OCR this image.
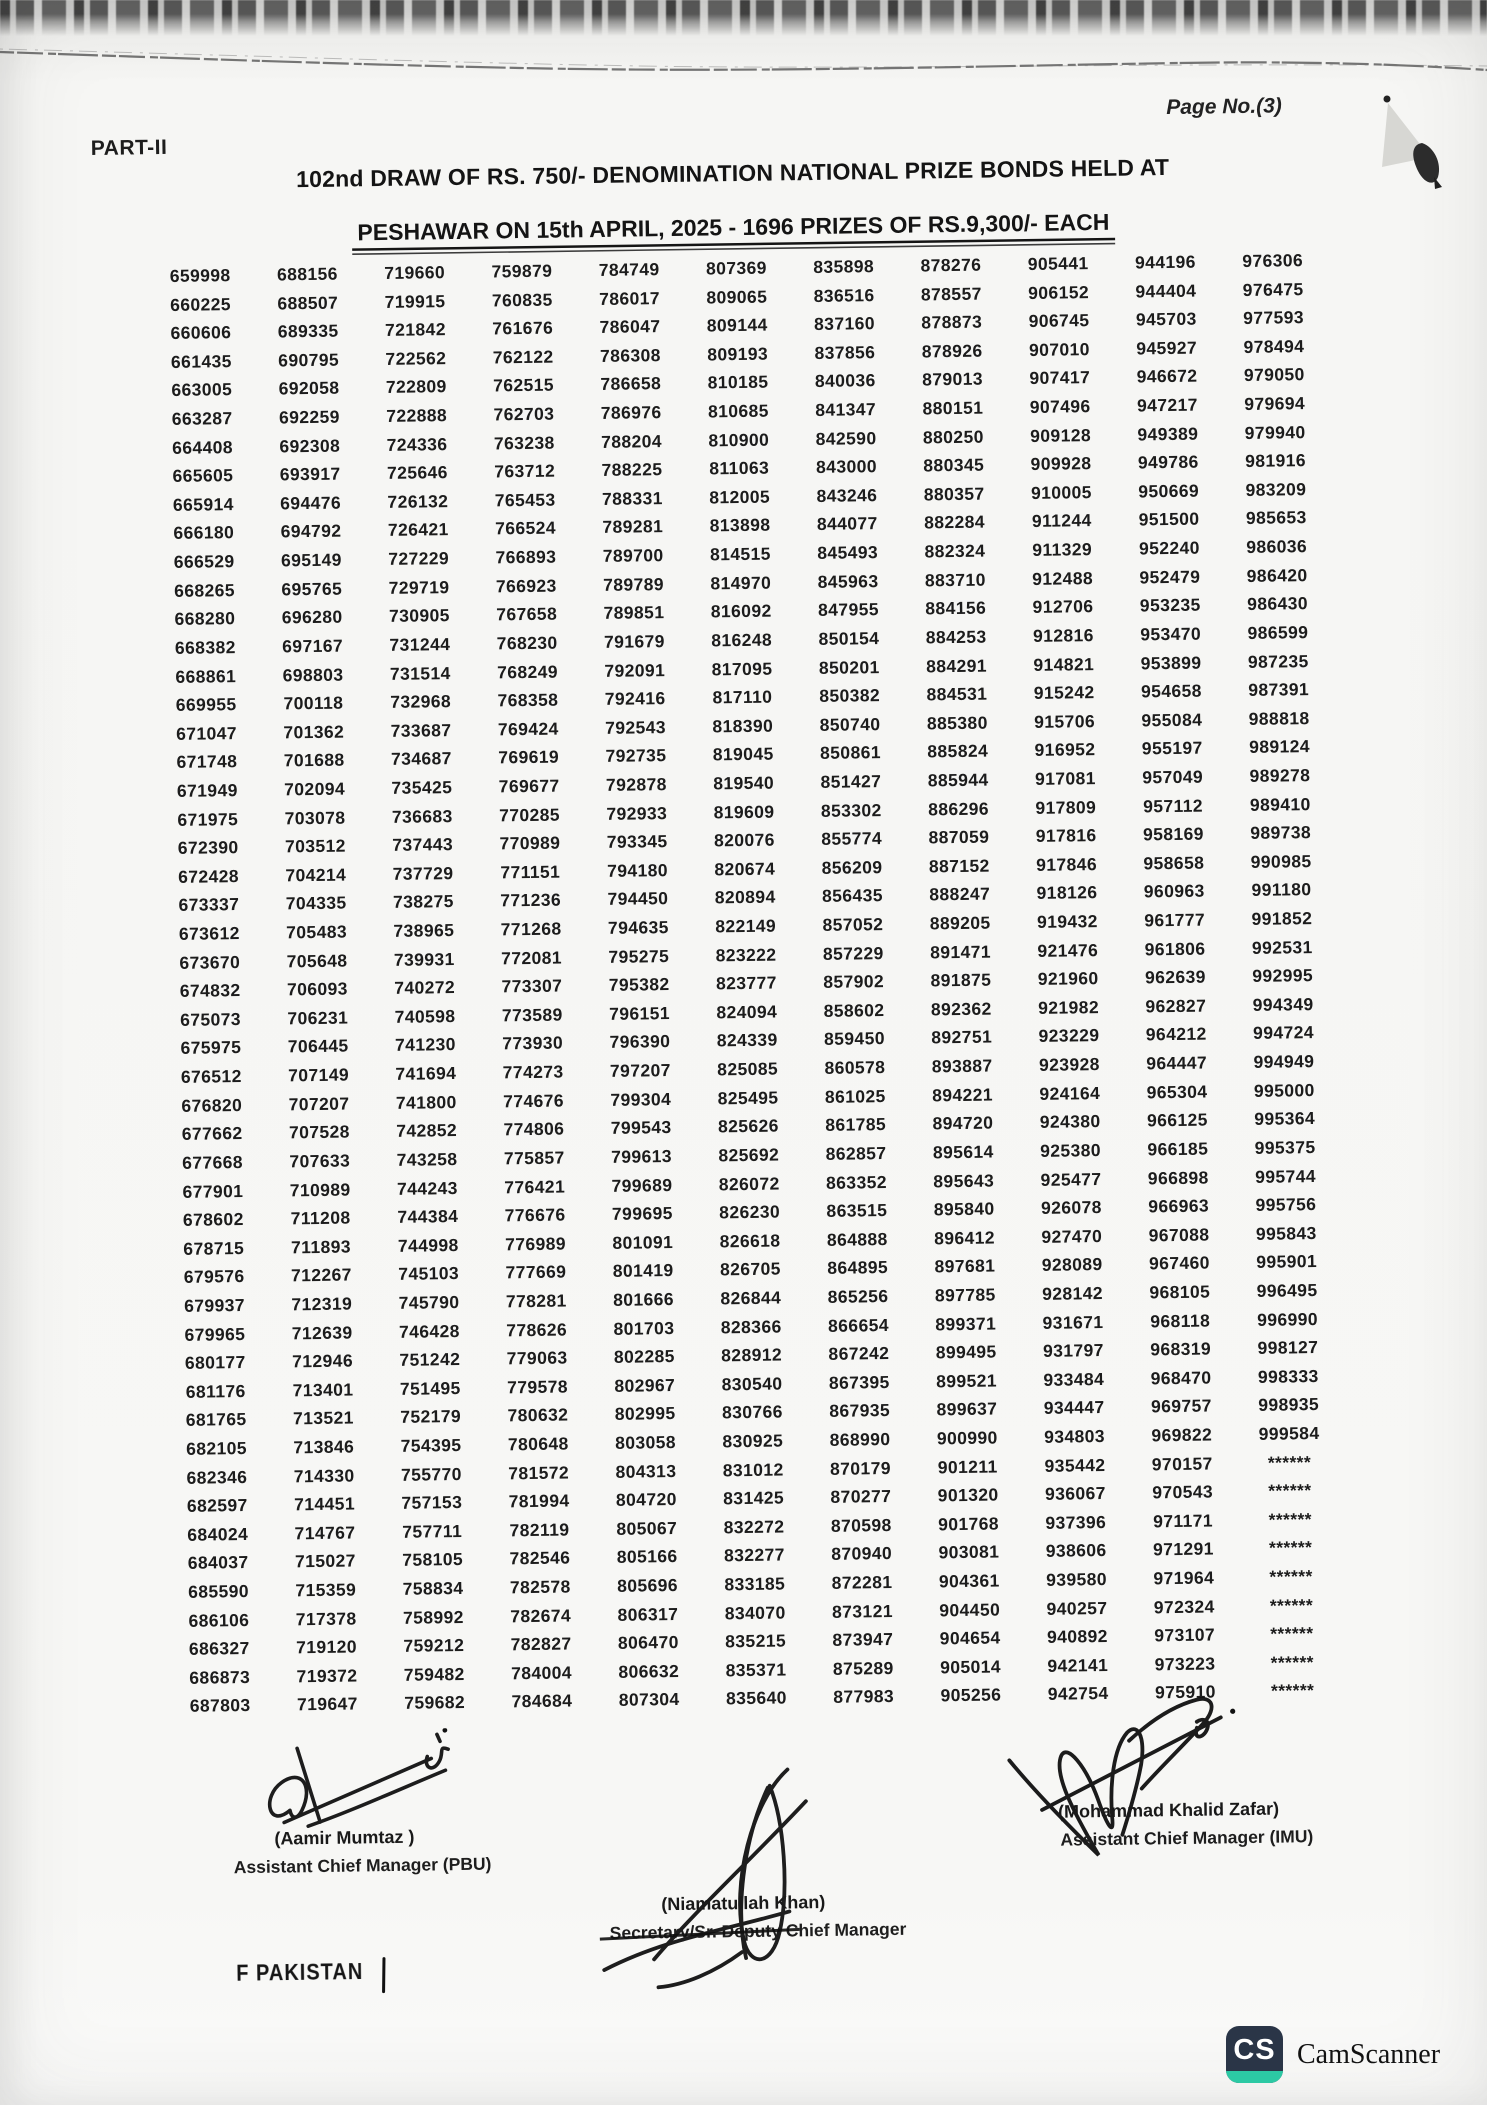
PART-II
Page No.(3)
102nd DRAW OF RS. 750/- DENOMINATION NATIONAL PRIZE BONDS HELD AT

PESHAWAR ON 15th APRIL, 2025 - 1696 PRIZES OF RS.9,300/- EACH
659998	688156	719660	759879	784749	807369	835898	878276	905441	944196	976306
660225	688507	719915	760835	786017	809065	836516	878557	906152	944404	976475
660606	689335	721842	761676	786047	809144	837160	878873	906745	945703	977593
661435	690795	722562	762122	786308	809193	837856	878926	907010	945927	978494
663005	692058	722809	762515	786658	810185	840036	879013	907417	946672	979050
663287	692259	722888	762703	786976	810685	841347	880151	907496	947217	979694
664408	692308	724336	763238	788204	810900	842590	880250	909128	949389	979940
665605	693917	725646	763712	788225	811063	843000	880345	909928	949786	981916
665914	694476	726132	765453	788331	812005	843246	880357	910005	950669	983209
666180	694792	726421	766524	789281	813898	844077	882284	911244	951500	985653
666529	695149	727229	766893	789700	814515	845493	882324	911329	952240	986036
668265	695765	729719	766923	789789	814970	845963	883710	912488	952479	986420
668280	696280	730905	767658	789851	816092	847955	884156	912706	953235	986430
668382	697167	731244	768230	791679	816248	850154	884253	912816	953470	986599
668861	698803	731514	768249	792091	817095	850201	884291	914821	953899	987235
669955	700118	732968	768358	792416	817110	850382	884531	915242	954658	987391
671047	701362	733687	769424	792543	818390	850740	885380	915706	955084	988818
671748	701688	734687	769619	792735	819045	850861	885824	916952	955197	989124
671949	702094	735425	769677	792878	819540	851427	885944	917081	957049	989278
671975	703078	736683	770285	792933	819609	853302	886296	917809	957112	989410
672390	703512	737443	770989	793345	820076	855774	887059	917816	958169	989738
672428	704214	737729	771151	794180	820674	856209	887152	917846	958658	990985
673337	704335	738275	771236	794450	820894	856435	888247	918126	960963	991180
673612	705483	738965	771268	794635	822149	857052	889205	919432	961777	991852
673670	705648	739931	772081	795275	823222	857229	891471	921476	961806	992531
674832	706093	740272	773307	795382	823777	857902	891875	921960	962639	992995
675073	706231	740598	773589	796151	824094	858602	892362	921982	962827	994349
675975	706445	741230	773930	796390	824339	859450	892751	923229	964212	994724
676512	707149	741694	774273	797207	825085	860578	893887	923928	964447	994949
676820	707207	741800	774676	799304	825495	861025	894221	924164	965304	995000
677662	707528	742852	774806	799543	825626	861785	894720	924380	966125	995364
677668	707633	743258	775857	799613	825692	862857	895614	925380	966185	995375
677901	710989	744243	776421	799689	826072	863352	895643	925477	966898	995744
678602	711208	744384	776676	799695	826230	863515	895840	926078	966963	995756
678715	711893	744998	776989	801091	826618	864888	896412	927470	967088	995843
679576	712267	745103	777669	801419	826705	864895	897681	928089	967460	995901
679937	712319	745790	778281	801666	826844	865256	897785	928142	968105	996495
679965	712639	746428	778626	801703	828366	866654	899371	931671	968118	996990
680177	712946	751242	779063	802285	828912	867242	899495	931797	968319	998127
681176	713401	751495	779578	802967	830540	867395	899521	933484	968470	998333
681765	713521	752179	780632	802995	830766	867935	899637	934447	969757	998935
682105	713846	754395	780648	803058	830925	868990	900990	934803	969822	999584
682346	714330	755770	781572	804313	831012	870179	901211	935442	970157	******
682597	714451	757153	781994	804720	831425	870277	901320	936067	970543	******
684024	714767	757711	782119	805067	832272	870598	901768	937396	971171	******
684037	715027	758105	782546	805166	832277	870940	903081	938606	971291	******
685590	715359	758834	782578	805696	833185	872281	904361	939580	971964	******
686106	717378	758992	782674	806317	834070	873121	904450	940257	972324	******
686327	719120	759212	782827	806470	835215	873947	904654	940892	973107	******
686873	719372	759482	784004	806632	835371	875289	905014	942141	973223	******
687803	719647	759682	784684	807304	835640	877983	905256	942754	975910	******
(Aamir Mumtaz )
Assistant Chief Manager (PBU)
(Niamatullah Khan)
Secretary/Sr. Deputy Chief Manager
(Mohammad Khalid Zafar)
Assistant Chief Manager (IMU)
F PAKISTAN
CS CamScanner
